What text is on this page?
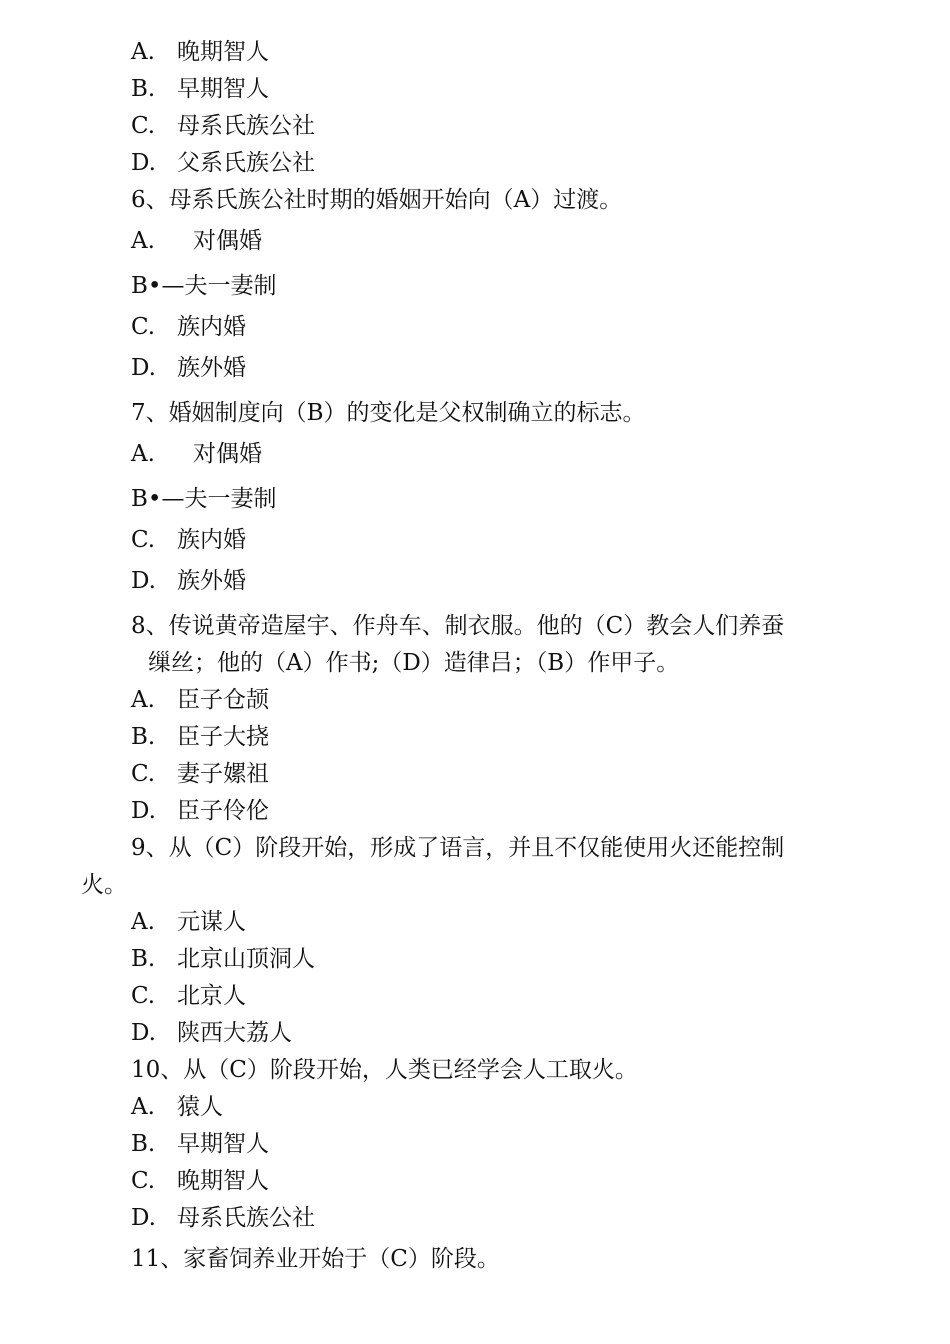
A. 晚期智人
B. 早期智人
C. 母系氏族公社
D. 父系氏族公社
6、母系氏族公社时期的婚姻开始向（A）过渡。
A. 对偶婚
B•—夫一妻制
C. 族内婚
D. 族外婚
7、婚姻制度向（B）的变化是父权制确立的标志。
A. 对偶婚
B•—夫一妻制
C. 族内婚
D. 族外婚
8、传说黄帝造屋宇、作舟车、制衣服。他的（C）教会人们养蚕
缫丝；他的（A）作书;（D）造律吕；（B）作甲子。
A. 臣子仓颉
B. 臣子大挠
C. 妻子嫘祖
D. 臣子伶伦
9、从（C）阶段开始，形成了语言，并且不仅能使用火还能控制
火。
A. 元谋人
B. 北京山顶洞人
C. 北京人
D. 陕西大荔人
10、从（C）阶段开始，人类已经学会人工取火。
A. 猿人
B. 早期智人
C. 晚期智人
D. 母系氏族公社
11、家畜饲养业开始于（C）阶段。
